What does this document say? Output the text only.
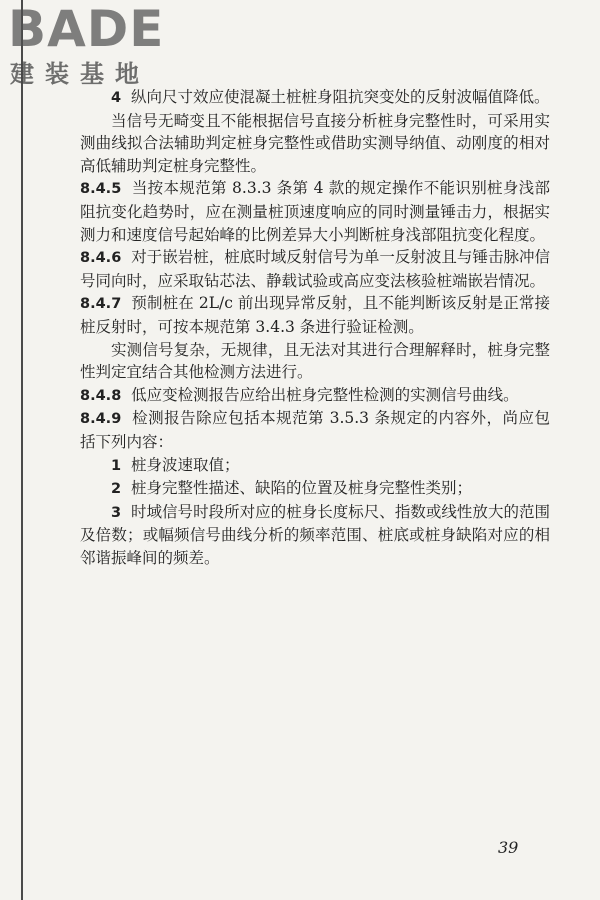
BADE
建装基地

4 纵向尺寸效应使混凝土桩桩身阻抗突变处的反射波幅值降低。

当信号无畸变且不能根据信号直接分析桩身完整性时，可采用实测曲线拟合法辅助判定桩身完整性或借助实测导纳值、动刚度的相对高低辅助判定桩身完整性。

8.4.5 当按本规范第 8.3.3 条第 4 款的规定操作不能识别桩身浅部阻抗变化趋势时，应在测量桩顶速度响应的同时测量锤击力，根据实测力和速度信号起始峰的比例差异大小判断桩身浅部阻抗变化程度。

8.4.6 对于嵌岩桩，桩底时域反射信号为单一反射波且与锤击脉冲信号同向时，应采取钻芯法、静载试验或高应变法核验桩端嵌岩情况。

8.4.7 预制桩在 2L/c 前出现异常反射，且不能判断该反射是正常接桩反射时，可按本规范第 3.4.3 条进行验证检测。

实测信号复杂，无规律，且无法对其进行合理解释时，桩身完整性判定宜结合其他检测方法进行。

8.4.8 低应变检测报告应给出桩身完整性检测的实测信号曲线。

8.4.9 检测报告除应包括本规范第 3.5.3 条规定的内容外，尚应包括下列内容：

1 桩身波速取值；

2 桩身完整性描述、缺陷的位置及桩身完整性类别；

3 时域信号时段所对应的桩身长度标尺、指数或线性放大的范围及倍数；或幅频信号曲线分析的频率范围、桩底或桩身缺陷对应的相邻谐振峰间的频差。

39
